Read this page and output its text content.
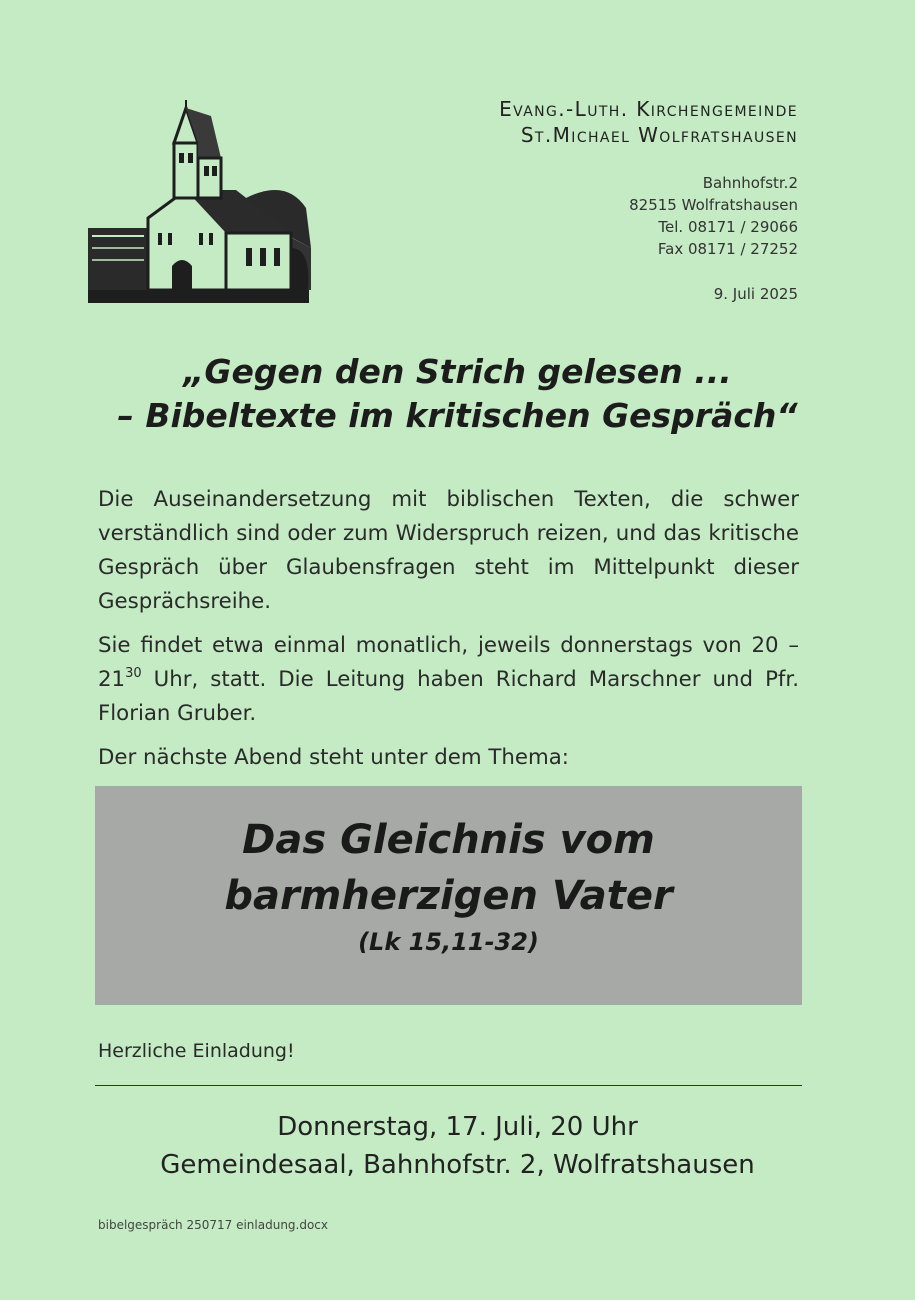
Evang.-Luth. Kirchengemeinde
St.Michael Wolfratshausen
Bahnhofstr.2
82515 Wolfratshausen
Tel. 08171 / 29066
Fax 08171 / 27252
9. Juli 2025
„Gegen den Strich gelesen ...
– Bibeltexte im kritischen Gespräch“

Die Auseinandersetzung mit biblischen Texten, die schwer verständlich sind oder zum Widerspruch reizen, und das kritische Gespräch über Glaubensfragen steht im Mittelpunkt dieser Gesprächsreihe.

Sie findet etwa einmal monatlich, jeweils donnerstags von $20 - 21^{30}$ Uhr, statt. Die Leitung haben Richard Marschner und Pfr. Florian Gruber.

Der nächste Abend steht unter dem Thema:

Das Gleichnis vom
barmherzigen Vater
(Lk 15,11-32)
Herzliche Einladung!
Donnerstag, 17. Juli, 20 Uhr
Gemeindesaal, Bahnhofstr. 2, Wolfratshausen
bibelgespräch 250717 einladung.docx
